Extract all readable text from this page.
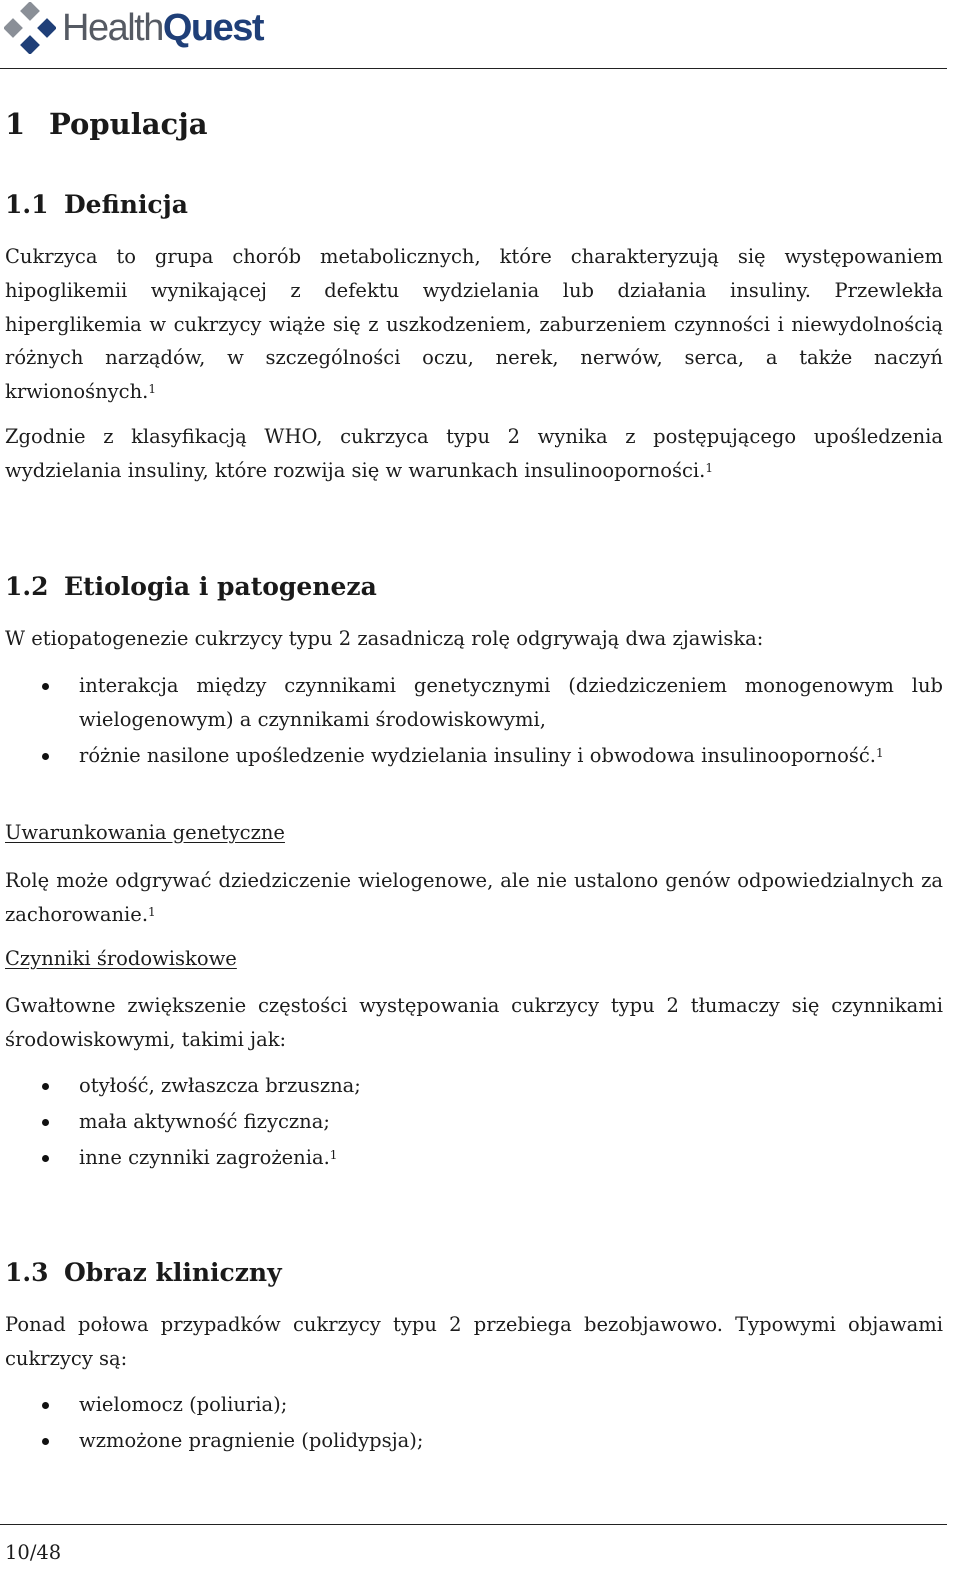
HealthQuest
1 Populacja
1.1 Definicja

Cukrzyca to grupa chorób metabolicznych, które charakteryzują się występowaniem hipoglikemii wynikającej z defektu wydzielania lub działania insuliny. Przewlekła hiperglikemia w cukrzycy wiąże się z uszkodzeniem, zaburzeniem czynności i niewydolnością różnych narządów, w szczególności oczu, nerek, nerwów, serca, a także naczyń krwionośnych.$^1$

Zgodnie z klasyfikacją WHO, cukrzyca typu 2 wynika z postępującego upośledzenia wydzielania insuliny, które rozwija się w warunkach insulinooporności.$^1$

1.2 Etiologia i patogeneza

W etiopatogenezie cukrzycy typu 2 zasadniczą rolę odgrywają dwa zjawiska:

interakcja między czynnikami genetycznymi (dziedziczeniem monogenowym lub wielogenowym) a czynnikami środowiskowymi,
różnie nasilone upośledzenie wydzielania insuliny i obwodowa insulinooporność.$^1$
Uwarunkowania genetyczne

Rolę może odgrywać dziedziczenie wielogenowe, ale nie ustalono genów odpowiedzialnych za zachorowanie.$^1$

Czynniki środowiskowe

Gwałtowne zwiększenie częstości występowania cukrzycy typu 2 tłumaczy się czynnikami środowiskowymi, takimi jak:

otyłość, zwłaszcza brzuszna;
mała aktywność fizyczna;
inne czynniki zagrożenia.$^1$
1.3 Obraz kliniczny

Ponad połowa przypadków cukrzycy typu 2 przebiega bezobjawowo. Typowymi objawami cukrzycy są:

wielomocz (poliuria);
wzmożone pragnienie (polidypsja);
10/48
